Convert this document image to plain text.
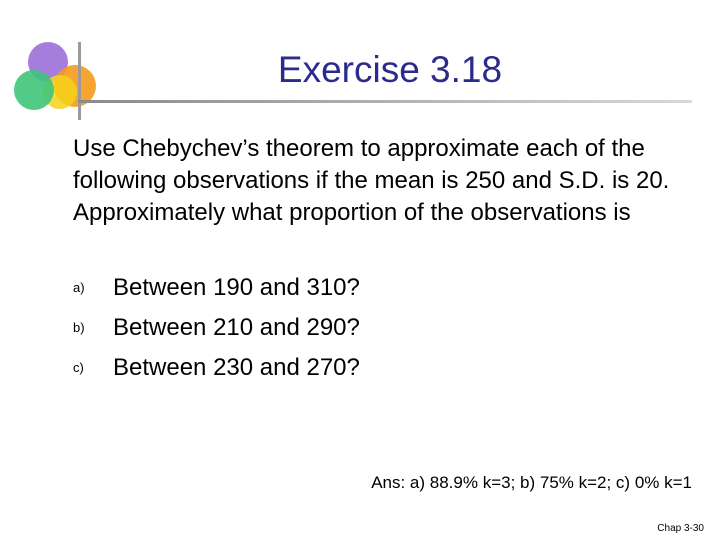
Exercise 3.18
Use Chebychev’s theorem to approximate each of the following observations if the mean is 250 and S.D. is 20. Approximately what proportion of the observations is
a) Between 190 and 310?
b) Between 210 and 290?
c) Between 230 and 270?
Ans: a) 88.9% k=3; b) 75% k=2; c) 0% k=1
Chap 3-30
